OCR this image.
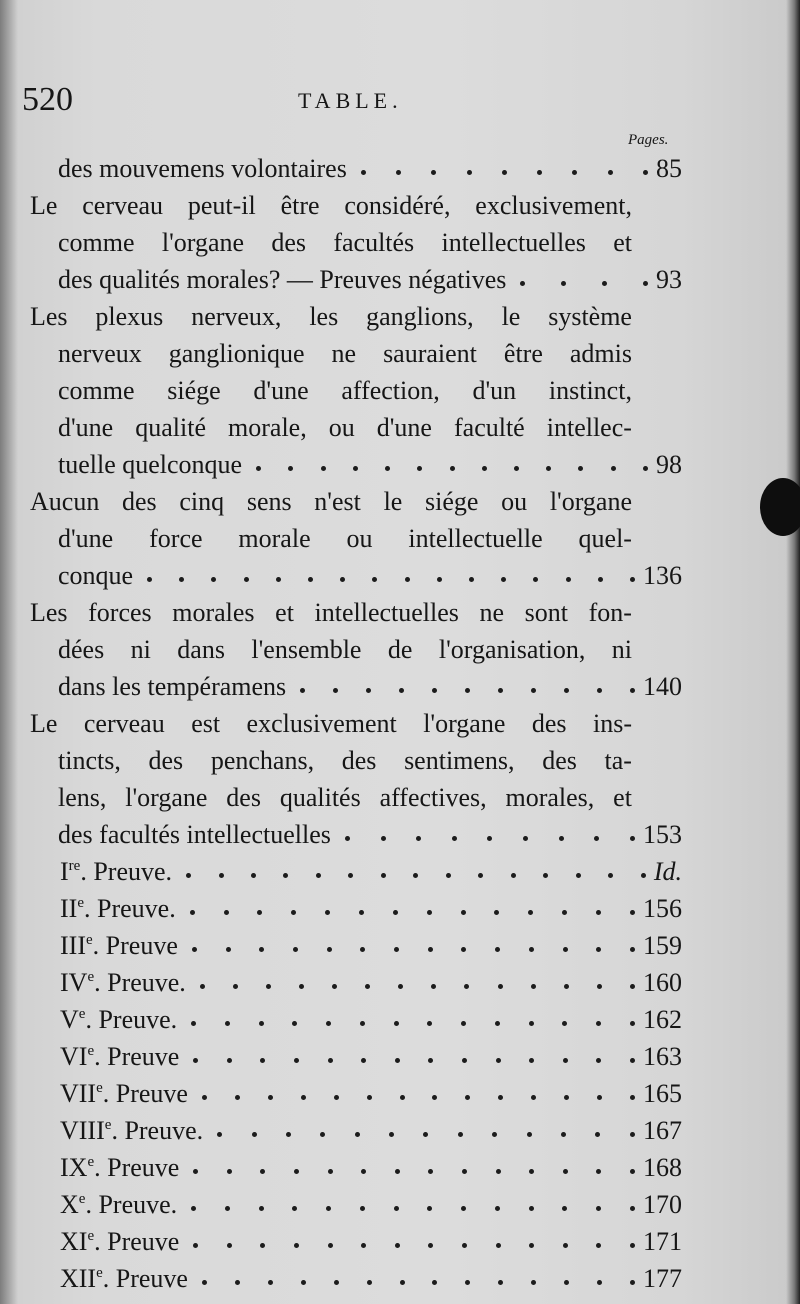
520	TABLE.
Pages.
des mouvemens volontaires	85
Le cerveau peut-il être considéré, exclusivement,
comme l'organe des facultés intellectuelles et
des qualités morales? — Preuves négatives	93
Les plexus nerveux, les ganglions, le système
nerveux ganglionique ne sauraient être admis
comme siége d'une affection, d'un instinct,
d'une qualité morale, ou d'une faculté intellec-
tuelle quelconque	98
Aucun des cinq sens n'est le siége ou l'organe
d'une force morale ou intellectuelle quel-
conque	136
Les forces morales et intellectuelles ne sont fon-
dées ni dans l'ensemble de l'organisation, ni
dans les tempéramens	140
Le cerveau est exclusivement l'organe des ins-
tincts, des penchans, des sentimens, des ta-
lens, l'organe des qualités affectives, morales, et
des facultés intellectuelles	153
Ire. Preuve.	Id.
IIe. Preuve.	156
IIIe. Preuve	159
IVe. Preuve.	160
Ve. Preuve.	162
VIe. Preuve	163
VIIe. Preuve	165
VIIIe. Preuve.	167
IXe. Preuve	168
Xe. Preuve.	170
XIe. Preuve	171
XIIe. Preuve	177
